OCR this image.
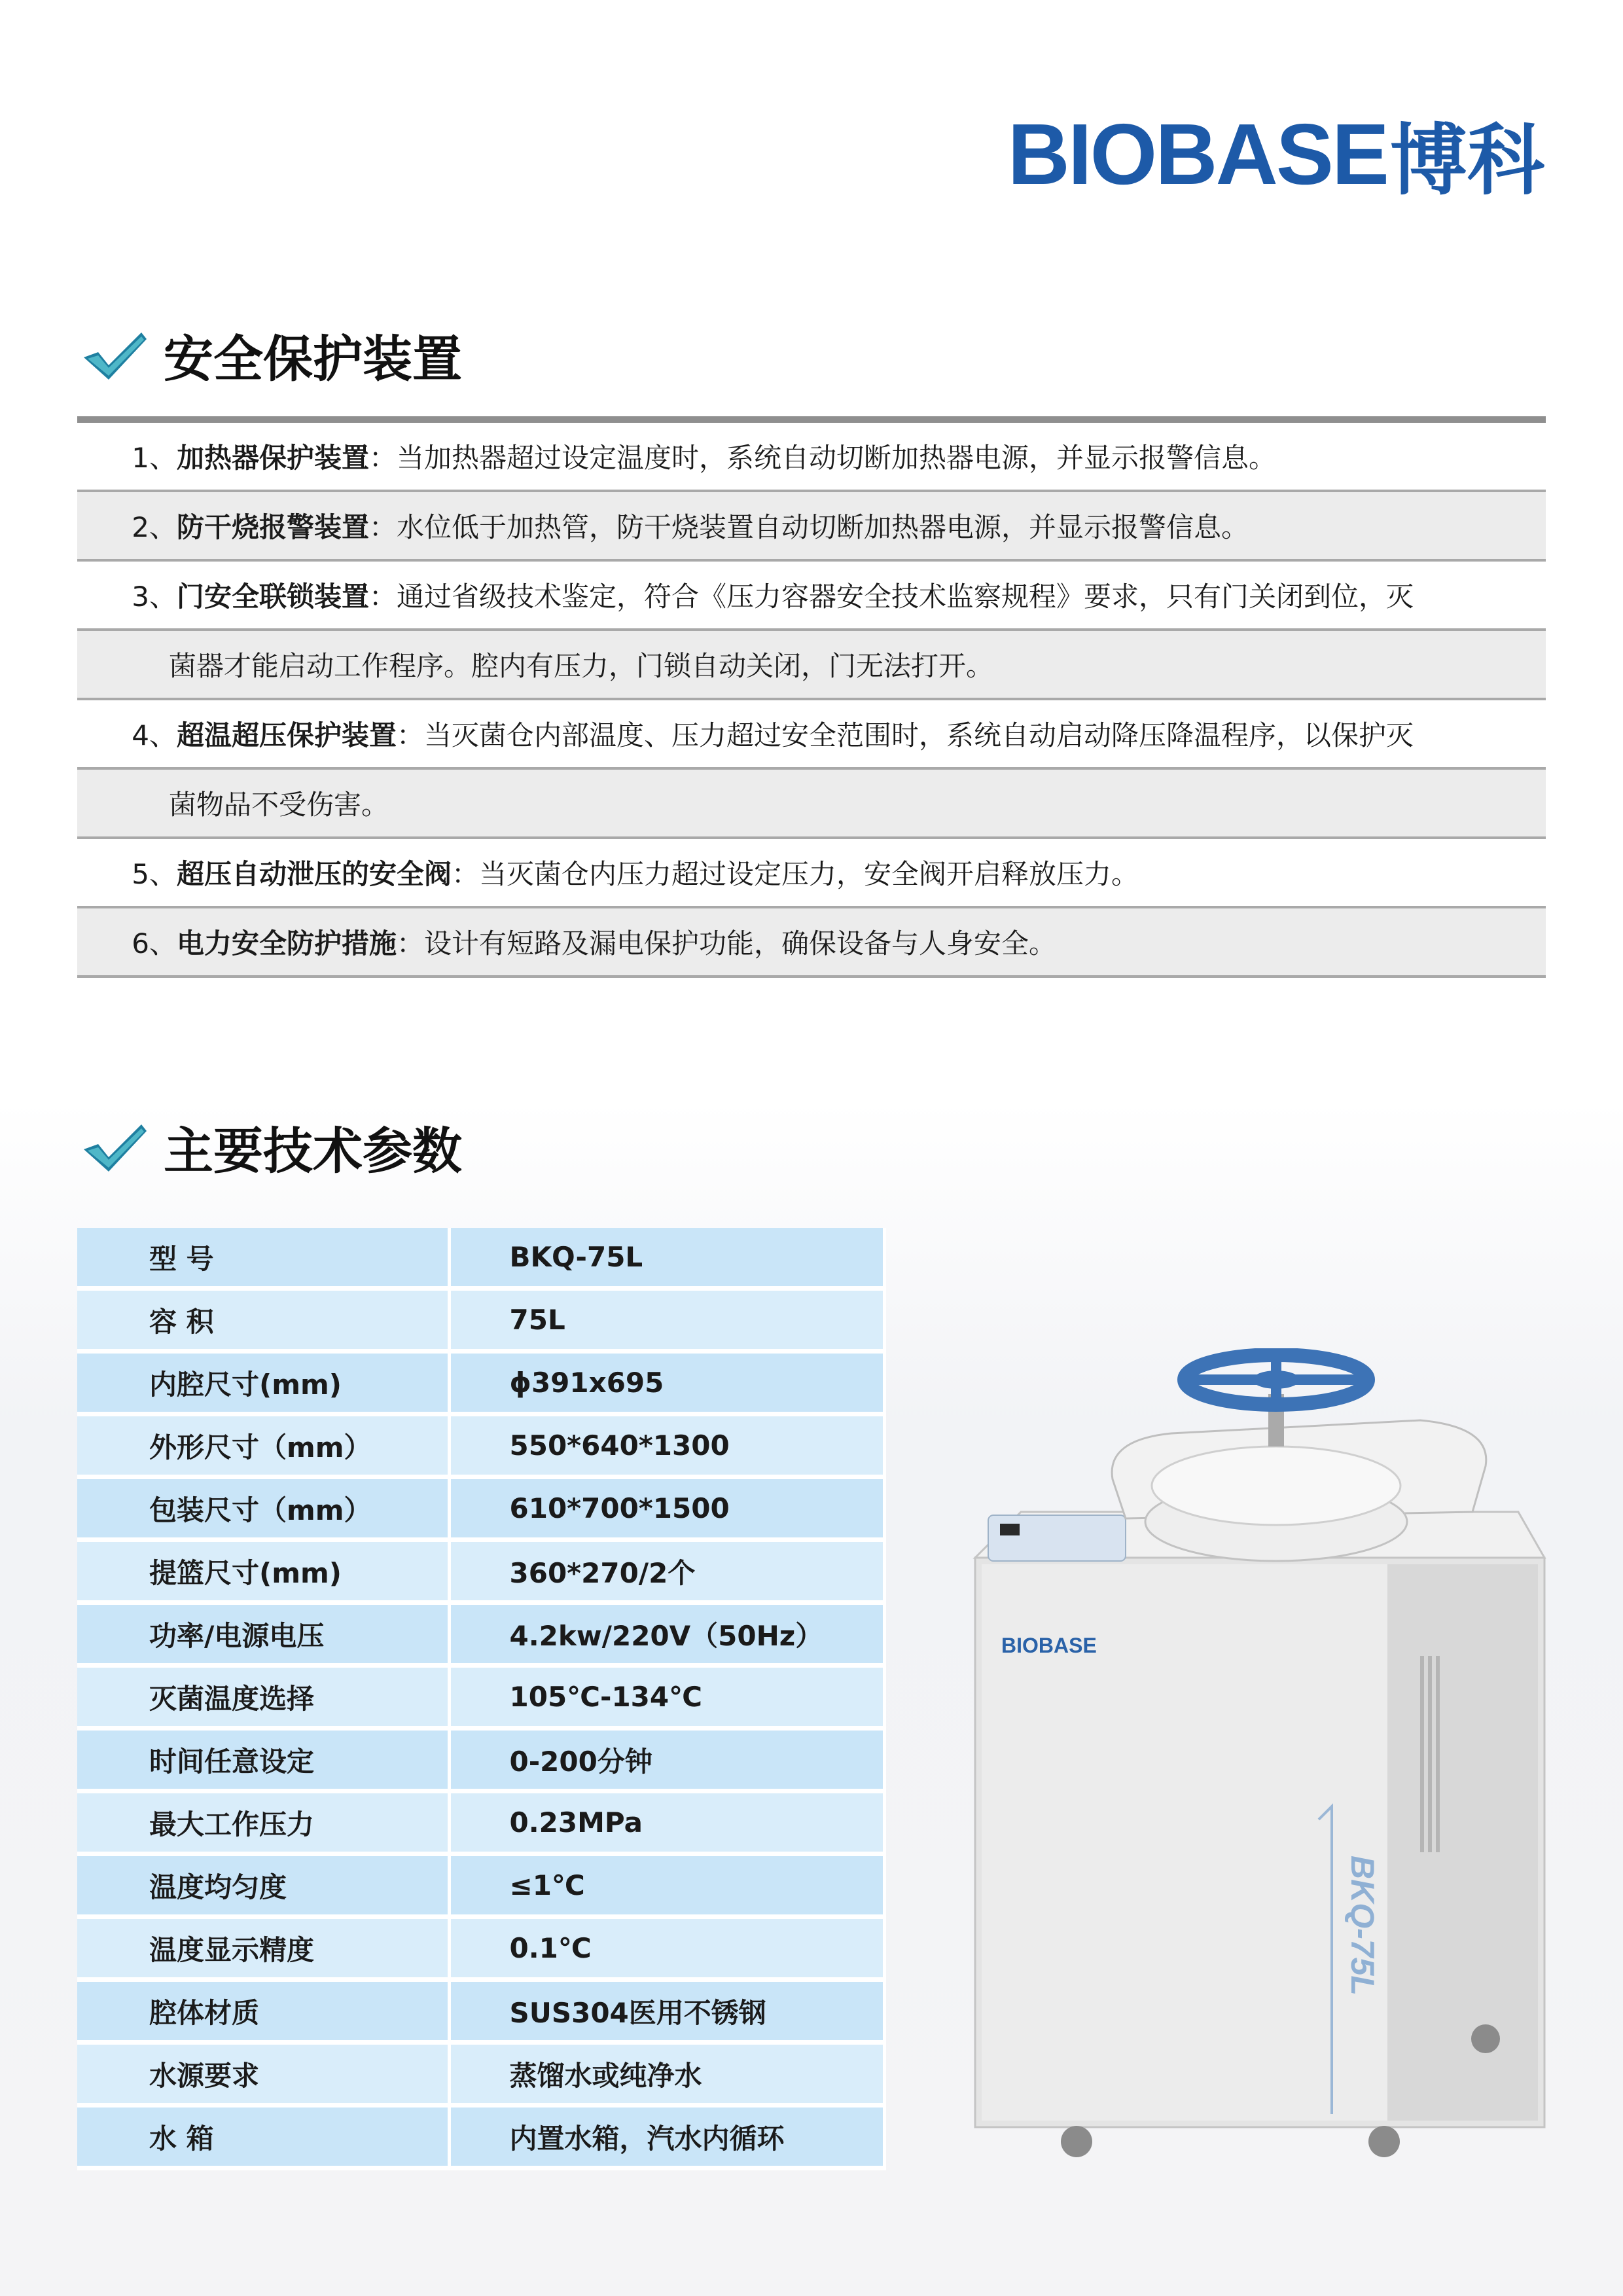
BIOBASE 博科
安全保护装置
1、 加热器保护装置 ：当加热器超过设定温度时，系统自动切断加热器电源，并显示报警信息。
2、 防干烧报警装置 ：水位低于加热管，防干烧装置自动切断加热器电源，并显示报警信息。
3、 门安全联锁装置 ：通过省级技术鉴定，符合《压力容器安全技术监察规程》要求，只有门关闭到位，灭
菌器才能启动工作程序。腔内有压力，门锁自动关闭，门无法打开。
4、 超温超压保护装置 ：当灭菌仓内部温度、压力超过安全范围时，系统自动启动降压降温程序，以保护灭
菌物品不受伤害。
5、 超压自动泄压的安全阀 ：当灭菌仓内压力超过设定压力，安全阀开启释放压力。
6、 电力安全防护措施 ：设计有短路及漏电保护功能，确保设备与人身安全。
主要技术参数
型 号	BKQ-75L
容 积	75L
内腔尺寸(mm)	ϕ391x695
外形尺寸（mm）	550*640*1300
包装尺寸（mm）	610*700*1500
提篮尺寸(mm)	360*270/2个
功率/电源电压	4.2kw/220V（50Hz）
灭菌温度选择	105℃-134℃
时间任意设定	0-200分钟
最大工作压力	0.23MPa
温度均匀度	≤1℃
温度显示精度	0.1℃
腔体材质	SUS304医用不锈钢
水源要求	蒸馏水或纯净水
水 箱	内置水箱，汽水内循环
BIOBASE
BKQ-75L
